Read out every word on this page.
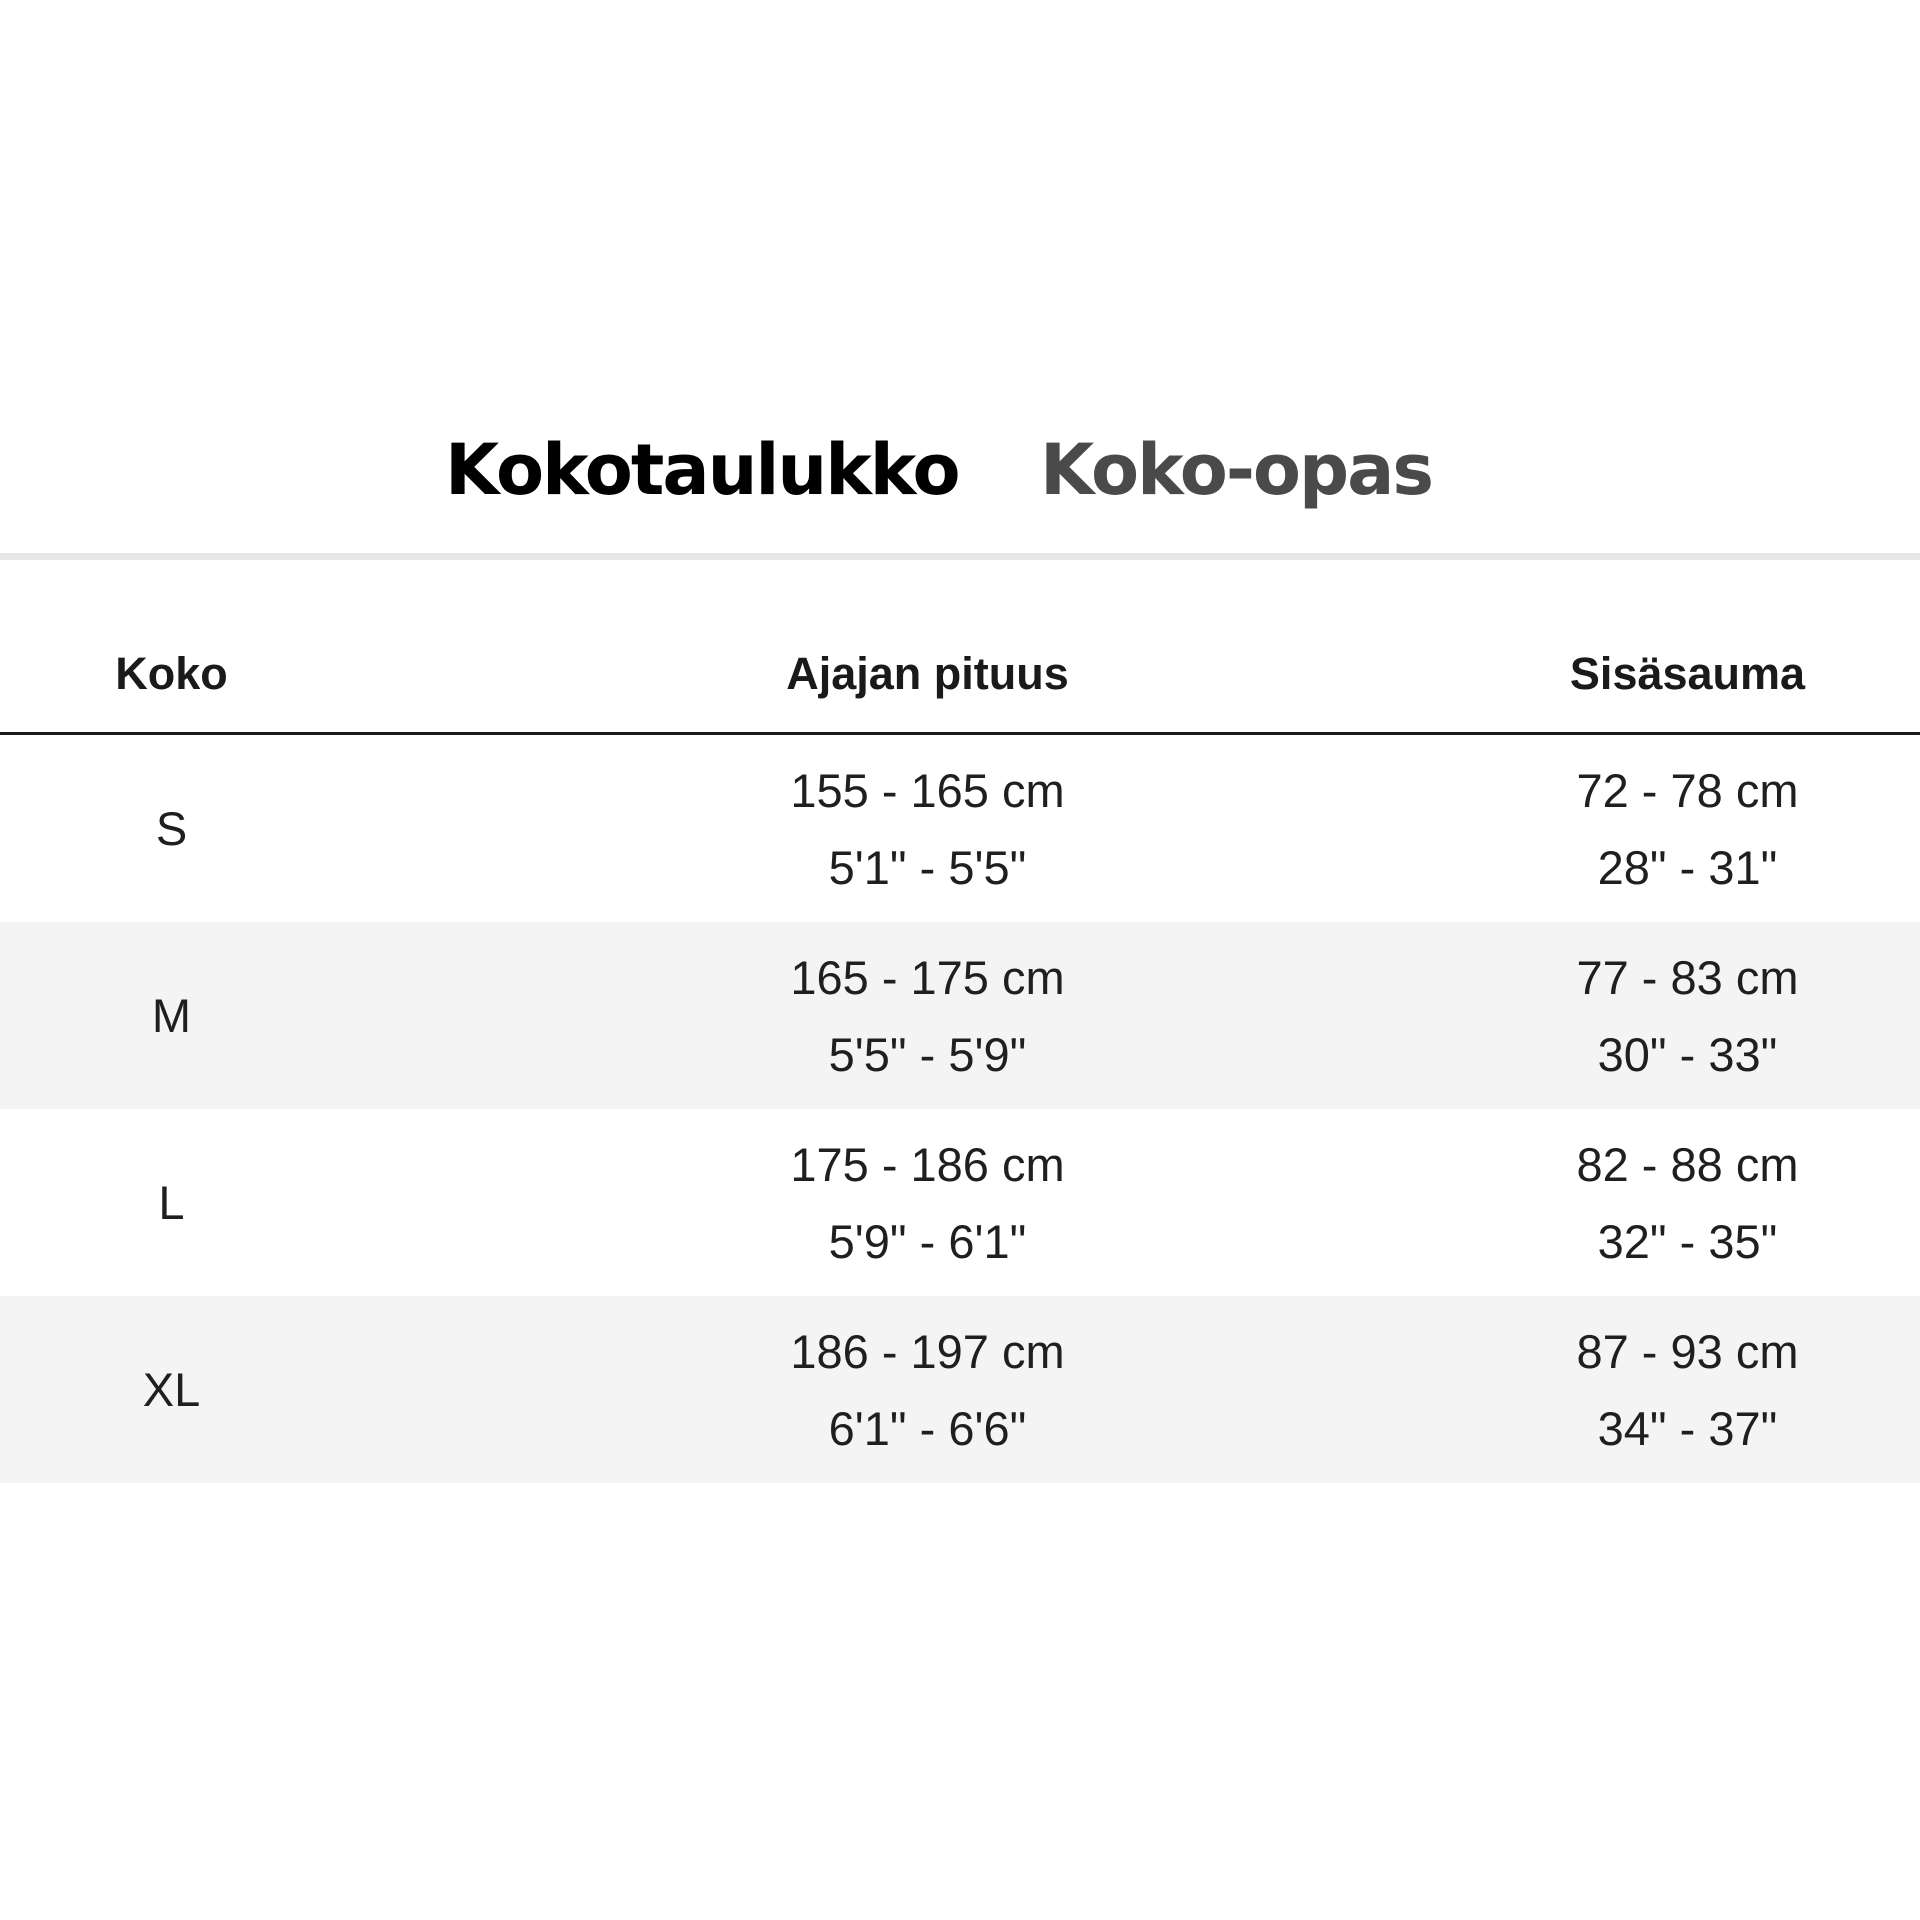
Kokotaulukko Koko-opas
Koko	Ajajan pituus	Sisäsauma
S
155 - 165 cm
5'1" - 5'5"
72 - 78 cm
28" - 31"
M
165 - 175 cm
5'5" - 5'9"
77 - 83 cm
30" - 33"
L
175 - 186 cm
5'9" - 6'1"
82 - 88 cm
32" - 35"
XL
186 - 197 cm
6'1" - 6'6"
87 - 93 cm
34" - 37"
